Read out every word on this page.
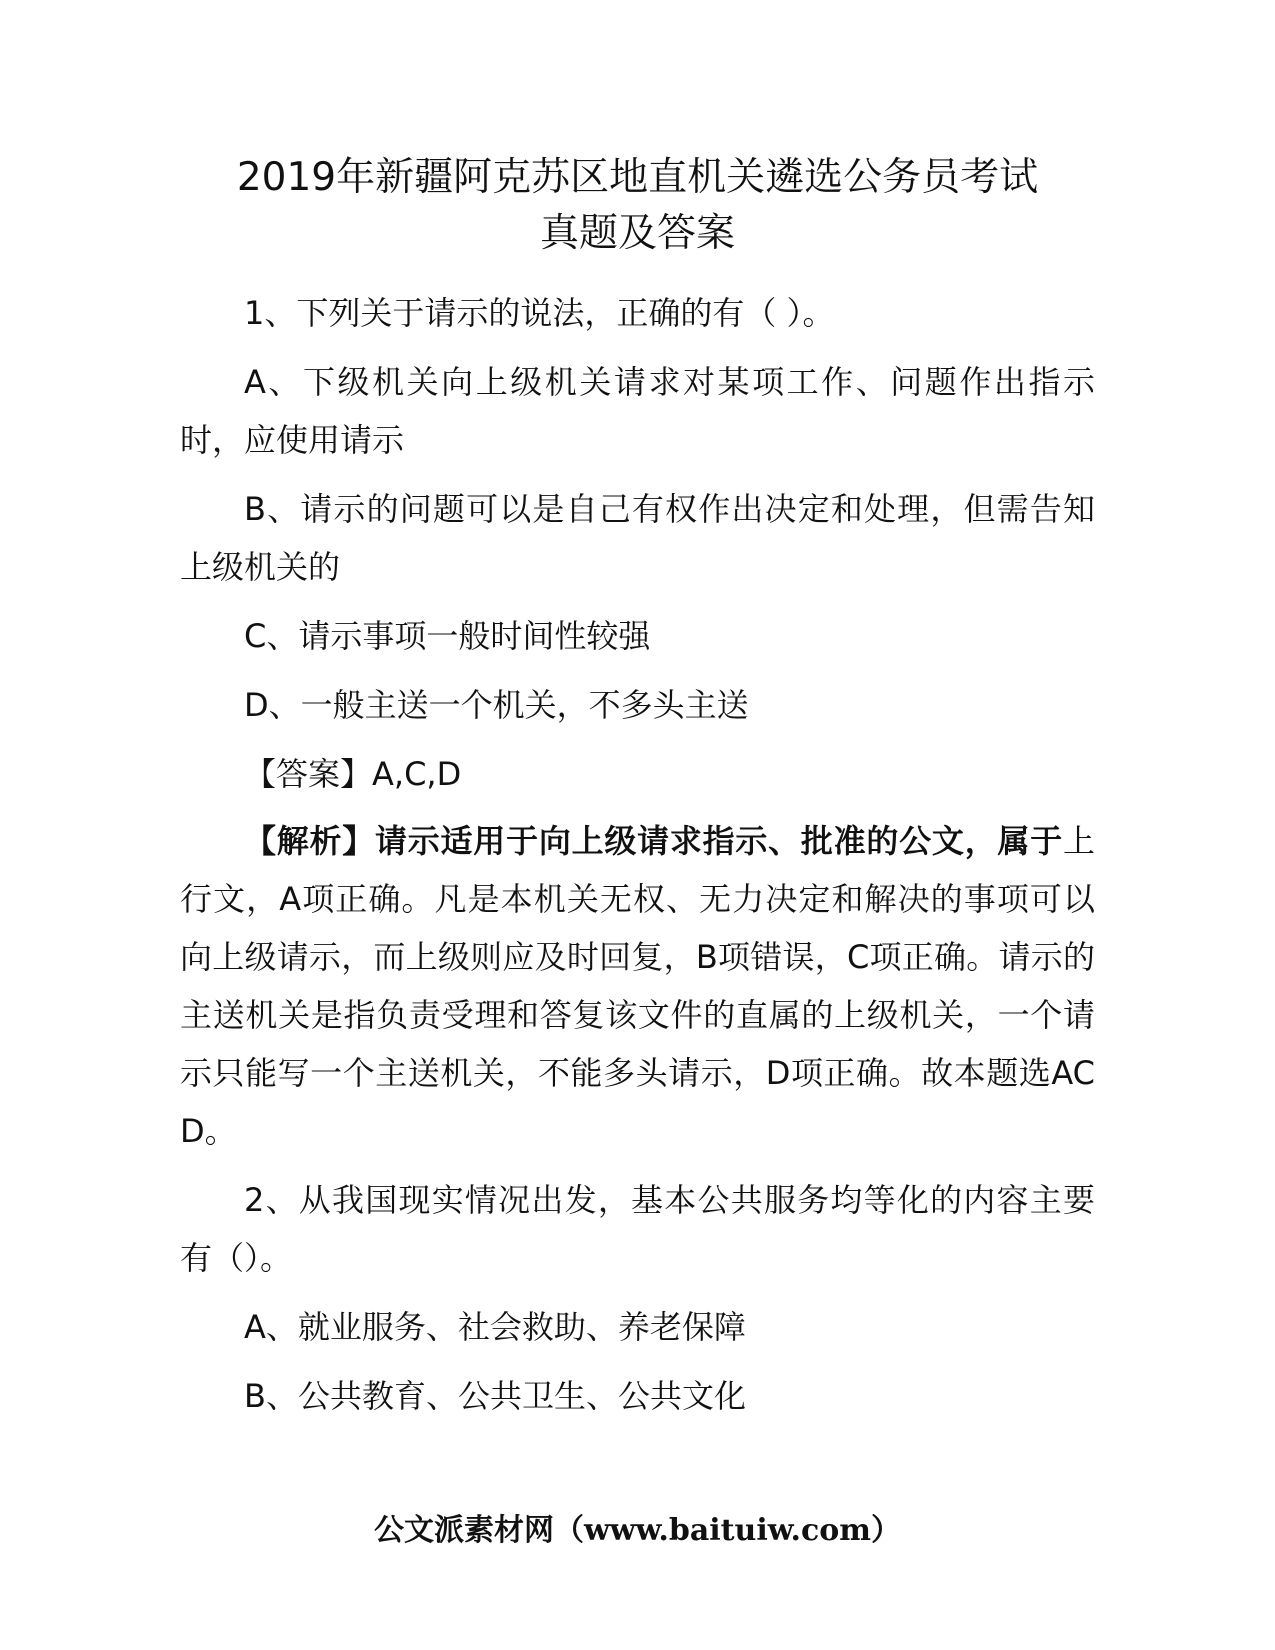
2019年新疆阿克苏区地直机关遴选公务员考试
真题及答案

1、下列关于请示的说法，正确的有（ ）。

A、下级机关向上级机关请求对某项工作、问题作出指示时，应使用请示

B、请示的问题可以是自己有权作出决定和处理，但需告知上级机关的

C、请示事项一般时间性较强

D、一般主送一个机关，不多头主送

【答案】A,C,D

【解析】请示适用于向上级请求指示、批准的公文，属于上行文，A项正确。凡是本机关无权、无力决定和解决的事项可以向上级请示，而上级则应及时回复，B项错误，C项正确。请示的主送机关是指负责受理和答复该文件的直属的上级机关，一个请示只能写一个主送机关，不能多头请示，D项正确。故本题选ACD。

2、从我国现实情况出发，基本公共服务均等化的内容主要有（）。

A、就业服务、社会救助、养老保障

B、公共教育、公共卫生、公共文化

公文派素材网（www.baituiw.com）
